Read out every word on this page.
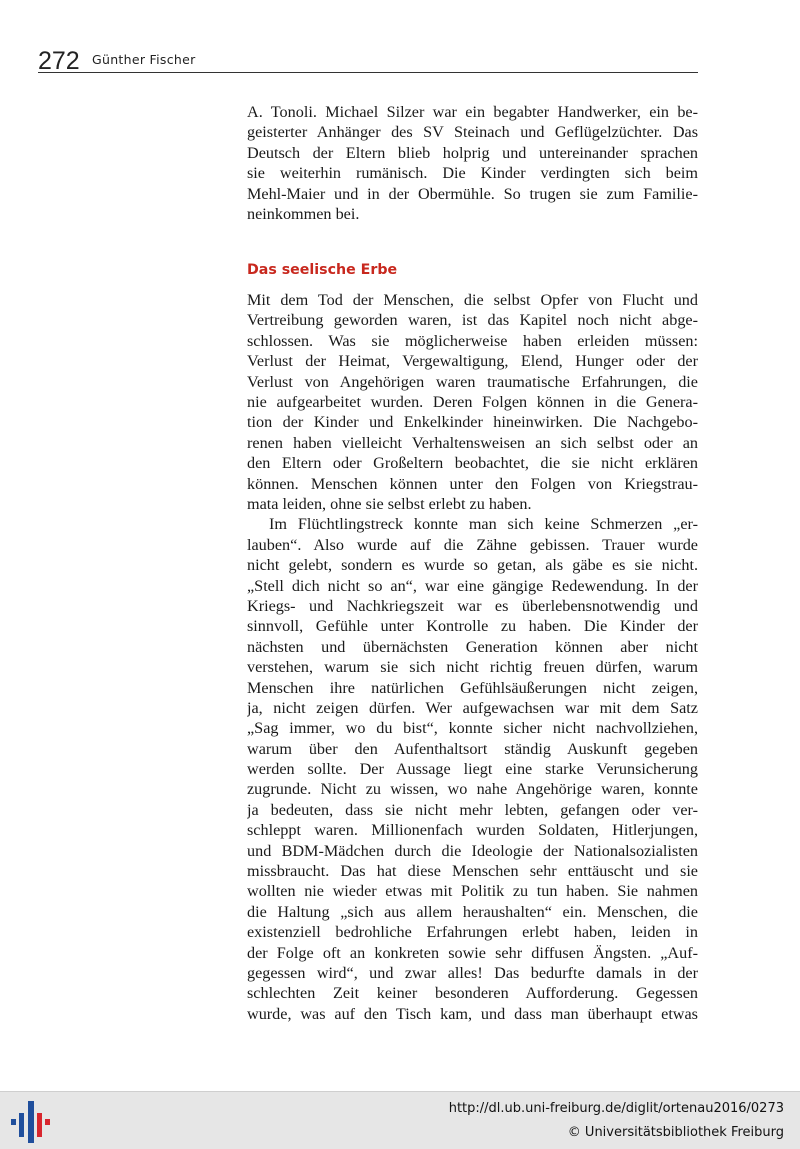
272 Günther Fischer
A. Tonoli. Michael Silzer war ein begabter Handwerker, ein be-
geisterter Anhänger des SV Steinach und Geflügelzüchter. Das
Deutsch der Eltern blieb holprig und untereinander sprachen
sie weiterhin rumänisch. Die Kinder verdingten sich beim
Mehl-Maier und in der Obermühle. So trugen sie zum Familie-
neinkommen bei.
Das seelische Erbe
Mit dem Tod der Menschen, die selbst Opfer von Flucht und
Vertreibung geworden waren, ist das Kapitel noch nicht abge-
schlossen. Was sie möglicherweise haben erleiden müssen:
Verlust der Heimat, Vergewaltigung, Elend, Hunger oder der
Verlust von Angehörigen waren traumatische Erfahrungen, die
nie aufgearbeitet wurden. Deren Folgen können in die Genera-
tion der Kinder und Enkelkinder hineinwirken. Die Nachgebo-
renen haben vielleicht Verhaltensweisen an sich selbst oder an
den Eltern oder Großeltern beobachtet, die sie nicht erklären
können. Menschen können unter den Folgen von Kriegstrau-
mata leiden, ohne sie selbst erlebt zu haben.
Im Flüchtlingstreck konnte man sich keine Schmerzen „er-
lauben“. Also wurde auf die Zähne gebissen. Trauer wurde
nicht gelebt, sondern es wurde so getan, als gäbe es sie nicht.
„Stell dich nicht so an“, war eine gängige Redewendung. In der
Kriegs- und Nachkriegszeit war es überlebensnotwendig und
sinnvoll, Gefühle unter Kontrolle zu haben. Die Kinder der
nächsten und übernächsten Generation können aber nicht
verstehen, warum sie sich nicht richtig freuen dürfen, warum
Menschen ihre natürlichen Gefühlsäußerungen nicht zeigen,
ja, nicht zeigen dürfen. Wer aufgewachsen war mit dem Satz
„Sag immer, wo du bist“, konnte sicher nicht nachvollziehen,
warum über den Aufenthaltsort ständig Auskunft gegeben
werden sollte. Der Aussage liegt eine starke Verunsicherung
zugrunde. Nicht zu wissen, wo nahe Angehörige waren, konnte
ja bedeuten, dass sie nicht mehr lebten, gefangen oder ver-
schleppt waren. Millionenfach wurden Soldaten, Hitlerjungen,
und BDM-Mädchen durch die Ideologie der Nationalsozialisten
missbraucht. Das hat diese Menschen sehr enttäuscht und sie
wollten nie wieder etwas mit Politik zu tun haben. Sie nahmen
die Haltung „sich aus allem heraushalten“ ein. Menschen, die
existenziell bedrohliche Erfahrungen erlebt haben, leiden in
der Folge oft an konkreten sowie sehr diffusen Ängsten. „Auf-
gegessen wird“, und zwar alles! Das bedurfte damals in der
schlechten Zeit keiner besonderen Aufforderung. Gegessen
wurde, was auf den Tisch kam, und dass man überhaupt etwas
http://dl.ub.uni-freiburg.de/diglit/ortenau2016/0273
© Universitätsbibliothek Freiburg
